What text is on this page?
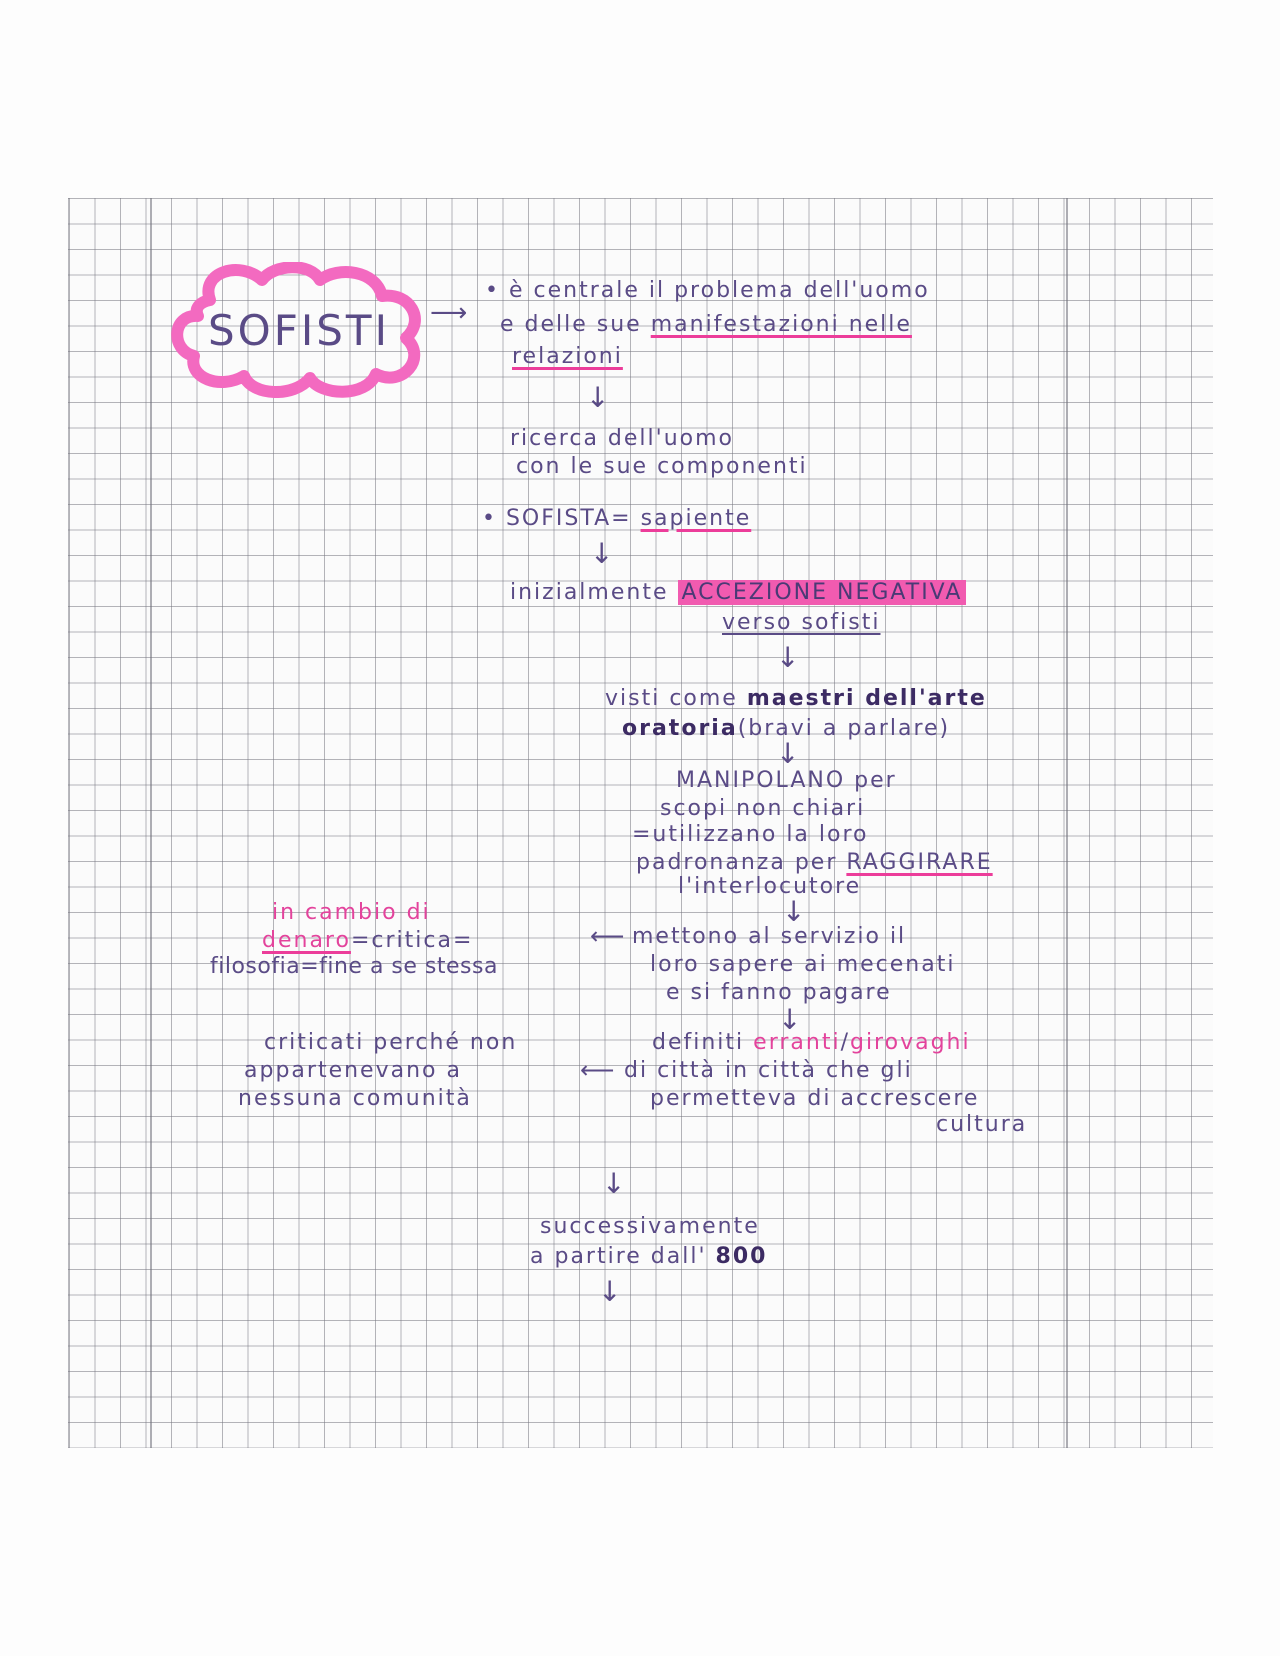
SOFISTI ⟶

• è centrale il problema dell'uomo

e delle sue manifestazioni nelle

relazioni

↓

ricerca dell'uomo

con le sue componenti

• SOFISTA= sapiente

↓

inizialmente ACCEZIONE NEGATIVA

verso sofisti

↓

visti come maestri dell'arte

oratoria(bravi a parlare)

↓

MANIPOLANO per

scopi non chiari

=utilizzano la loro

padronanza per RAGGIRARE

l'interlocutore

↓

in cambio di

denaro=critica=

filosofia=fine a se stessa

⟵ mettono al servizio il

loro sapere ai mecenati

e si fanno pagare

↓

criticati perché non

appartenevano a

nessuna comunità

⟵

definiti erranti/girovaghi

di città in città che gli

permetteva di accrescere

cultura

↓

successivamente

a partire dall' 800

↓
